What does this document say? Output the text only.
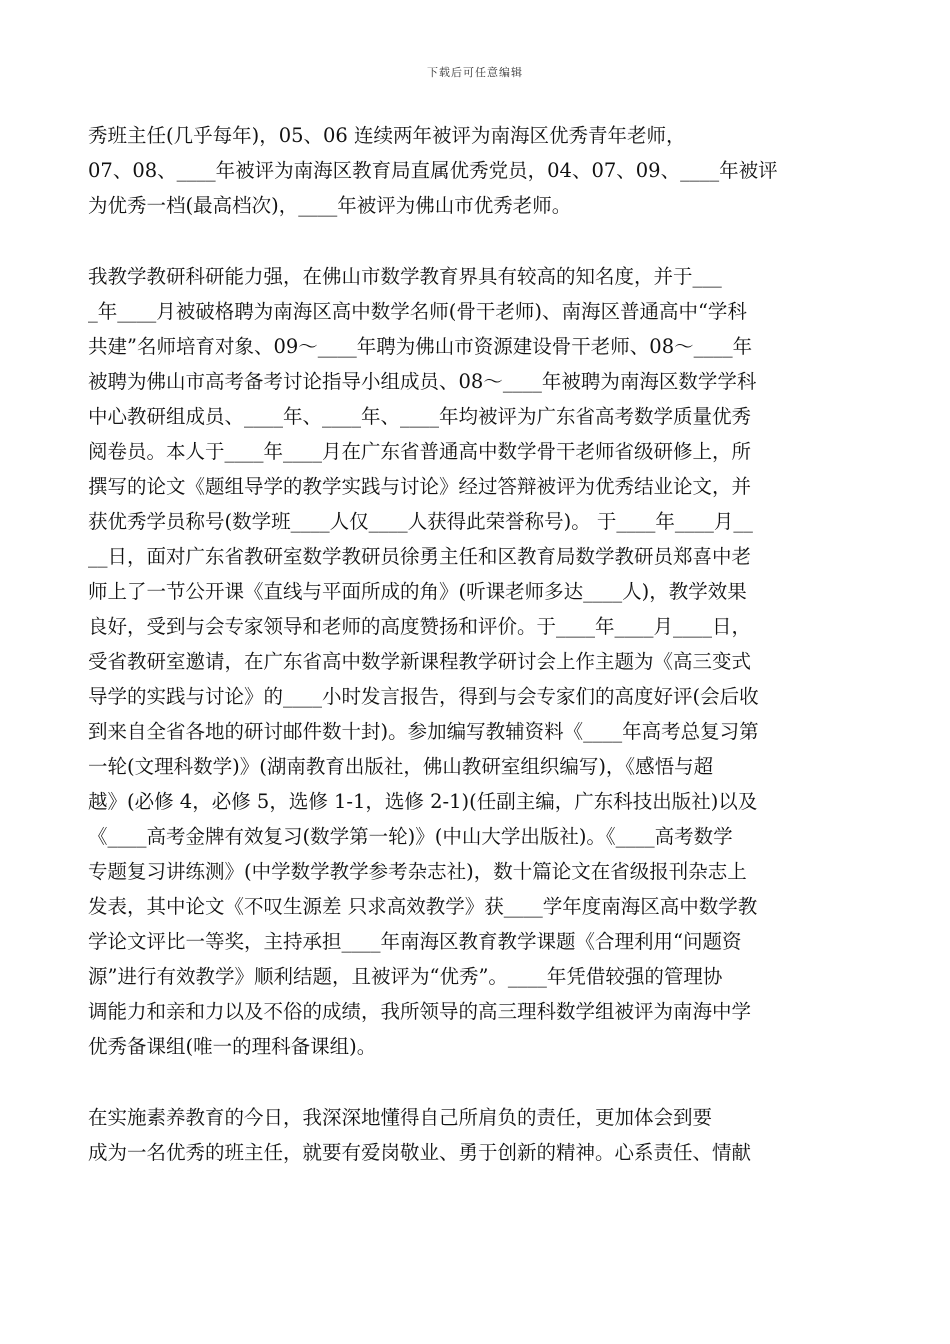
下载后可任意编辑
秀班主任(几乎每年)，05、06 连续两年被评为南海区优秀青年老师，
07、08、____年被评为南海区教育局直属优秀党员，04、07、09、____年被评
为优秀一档(最高档次)，____年被评为佛山市优秀老师。
我教学教研科研能力强，在佛山市数学教育界具有较高的知名度，并于___
_年____月被破格聘为南海区高中数学名师(骨干老师)、南海区普通高中“学科
共建”名师培育对象、09～____年聘为佛山市资源建设骨干老师、08～____年
被聘为佛山市高考备考讨论指导小组成员、08～____年被聘为南海区数学学科
中心教研组成员、____年、____年、____年均被评为广东省高考数学质量优秀
阅卷员。本人于____年____月在广东省普通高中数学骨干老师省级研修上，所
撰写的论文《题组导学的教学实践与讨论》经过答辩被评为优秀结业论文，并
获优秀学员称号(数学班____人仅____人获得此荣誉称号)。 于____年____月__
__日，面对广东省教研室数学教研员徐勇主任和区教育局数学教研员郑喜中老
师上了一节公开课《直线与平面所成的角》(听课老师多达____人)，教学效果
良好，受到与会专家领导和老师的高度赞扬和评价。于____年____月____日，
受省教研室邀请，在广东省高中数学新课程教学研讨会上作主题为《高三变式
导学的实践与讨论》的____小时发言报告，得到与会专家们的高度好评(会后收
到来自全省各地的研讨邮件数十封)。参加编写教辅资料《____年高考总复习第
一轮(文理科数学)》(湖南教育出版社，佛山教研室组织编写)，《感悟与超
越》(必修 4，必修 5，选修 1-1，选修 2-1)(任副主编，广东科技出版社)以及
《____高考金牌有效复习(数学第一轮)》(中山大学出版社)。《____高考数学
专题复习讲练测》(中学数学教学参考杂志社)，数十篇论文在省级报刊杂志上
发表，其中论文《不叹生源差 只求高效教学》获____学年度南海区高中数学教
学论文评比一等奖，主持承担____年南海区教育教学课题《合理利用“问题资
源”进行有效教学》顺利结题，且被评为“优秀”。____年凭借较强的管理协
调能力和亲和力以及不俗的成绩，我所领导的高三理科数学组被评为南海中学
优秀备课组(唯一的理科备课组)。
在实施素养教育的今日，我深深地懂得自己所肩负的责任，更加体会到要
成为一名优秀的班主任，就要有爱岗敬业、勇于创新的精神。心系责任、情献
